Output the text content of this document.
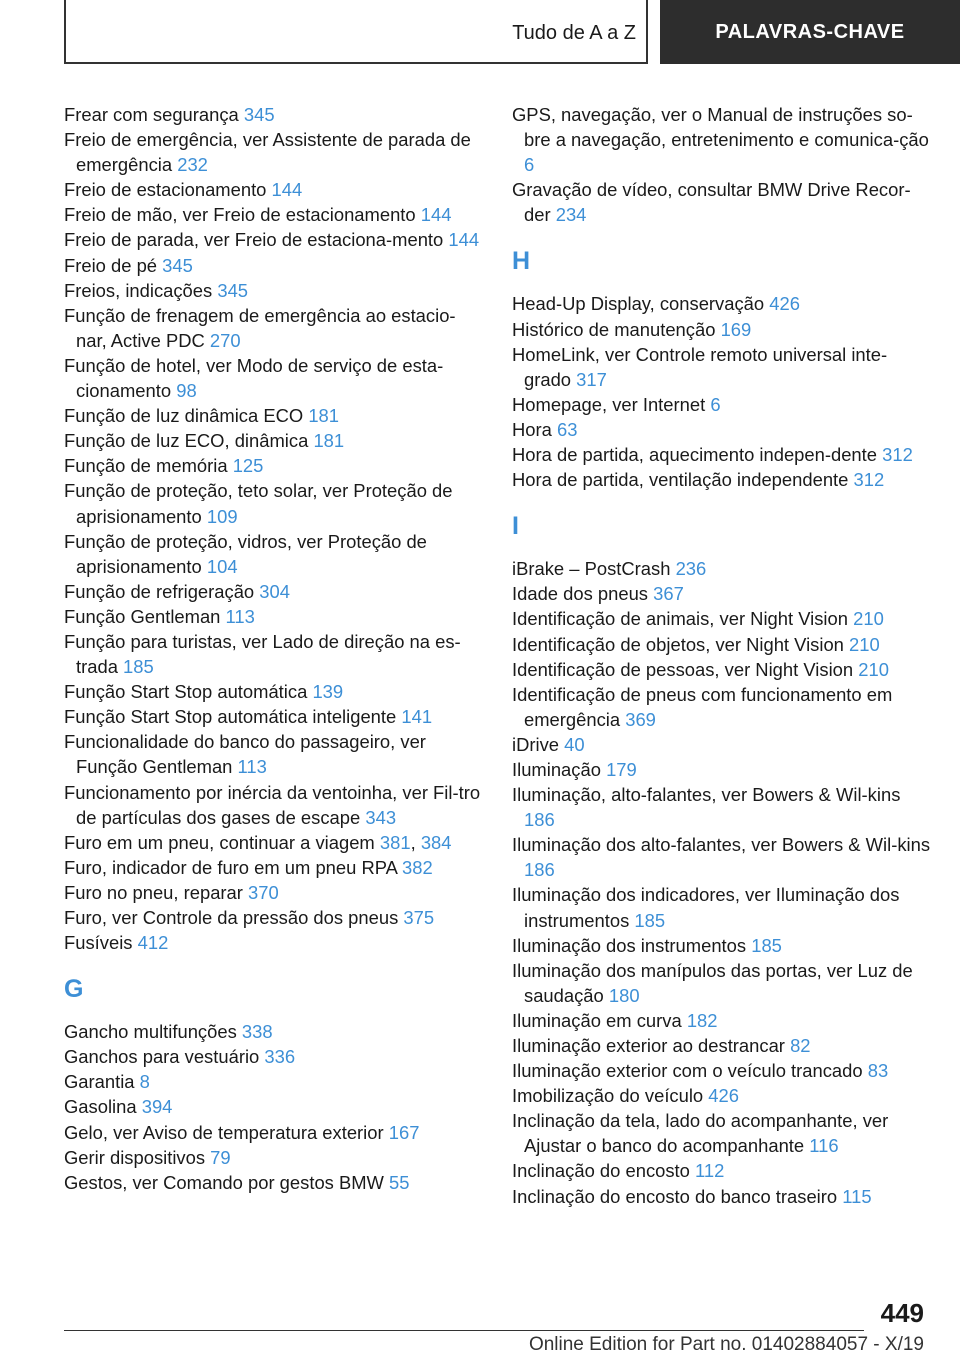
Tudo de A a Z	PALAVRAS-CHAVE
Frear com segurança 345
Freio de emergência, ver Assistente de parada de emergência 232
Freio de estacionamento 144
Freio de mão, ver Freio de estacionamento 144
Freio de parada, ver Freio de estaciona-mento 144
Freio de pé 345
Freios, indicações 345
Função de frenagem de emergência ao estacio-nar, Active PDC 270
Função de hotel, ver Modo de serviço de esta-cionamento 98
Função de luz dinâmica ECO 181
Função de luz ECO, dinâmica 181
Função de memória 125
Função de proteção, teto solar, ver Proteção de aprisionamento 109
Função de proteção, vidros, ver Proteção de aprisionamento 104
Função de refrigeração 304
Função Gentleman 113
Função para turistas, ver Lado de direção na es-trada 185
Função Start Stop automática 139
Função Start Stop automática inteligente 141
Funcionalidade do banco do passageiro, ver Função Gentleman 113
Funcionamento por inércia da ventoinha, ver Fil-tro de partículas dos gases de escape 343
Furo em um pneu, continuar a viagem 381, 384
Furo, indicador de furo em um pneu RPA 382
Furo no pneu, reparar 370
Furo, ver Controle da pressão dos pneus 375
Fusíveis 412
G
Gancho multifunções 338
Ganchos para vestuário 336
Garantia 8
Gasolina 394
Gelo, ver Aviso de temperatura exterior 167
Gerir dispositivos 79
Gestos, ver Comando por gestos BMW 55
GPS, navegação, ver o Manual de instruções so-bre a navegação, entretenimento e comunica-ção 6
Gravação de vídeo, consultar BMW Drive Recor-der 234
H
Head-Up Display, conservação 426
Histórico de manutenção 169
HomeLink, ver Controle remoto universal inte-grado 317
Homepage, ver Internet 6
Hora 63
Hora de partida, aquecimento indepen-dente 312
Hora de partida, ventilação independente 312
I
iBrake – PostCrash 236
Idade dos pneus 367
Identificação de animais, ver Night Vision 210
Identificação de objetos, ver Night Vision 210
Identificação de pessoas, ver Night Vision 210
Identificação de pneus com funcionamento em emergência 369
iDrive 40
Iluminação 179
Iluminação, alto-falantes, ver Bowers & Wil-kins 186
Iluminação dos alto-falantes, ver Bowers & Wil-kins 186
Iluminação dos indicadores, ver Iluminação dos instrumentos 185
Iluminação dos instrumentos 185
Iluminação dos manípulos das portas, ver Luz de saudação 180
Iluminação em curva 182
Iluminação exterior ao destrancar 82
Iluminação exterior com o veículo trancado 83
Imobilização do veículo 426
Inclinação da tela, lado do acompanhante, ver Ajustar o banco do acompanhante 116
Inclinação do encosto 112
Inclinação do encosto do banco traseiro 115
449
Online Edition for Part no. 01402884057 - X/19
